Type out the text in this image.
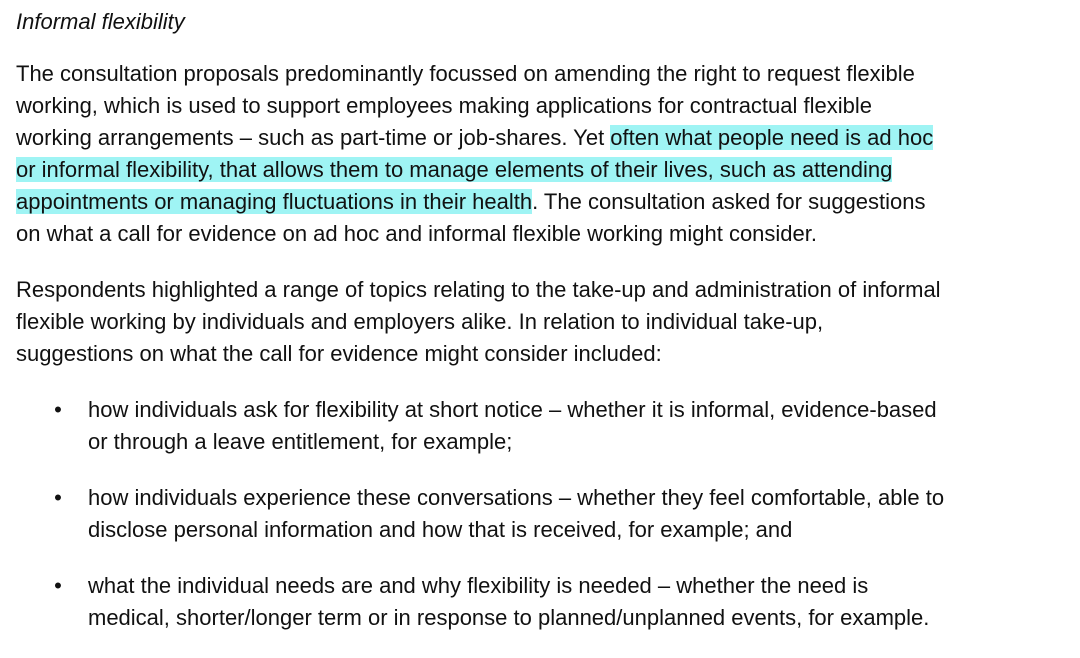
Informal flexibility
The consultation proposals predominantly focussed on amending the right to request flexible
working, which is used to support employees making applications for contractual flexible
working arrangements – such as part-time or job-shares. Yet often what people need is ad hoc
or informal flexibility, that allows them to manage elements of their lives, such as attending
appointments or managing fluctuations in their health. The consultation asked for suggestions
on what a call for evidence on ad hoc and informal flexible working might consider.
Respondents highlighted a range of topics relating to the take-up and administration of informal
flexible working by individuals and employers alike. In relation to individual take-up,
suggestions on what the call for evidence might consider included:
• how individuals ask for flexibility at short notice – whether it is informal, evidence-based
or through a leave entitlement, for example;
• how individuals experience these conversations – whether they feel comfortable, able to
disclose personal information and how that is received, for example; and
• what the individual needs are and why flexibility is needed – whether the need is
medical, shorter/longer term or in response to planned/unplanned events, for example.
